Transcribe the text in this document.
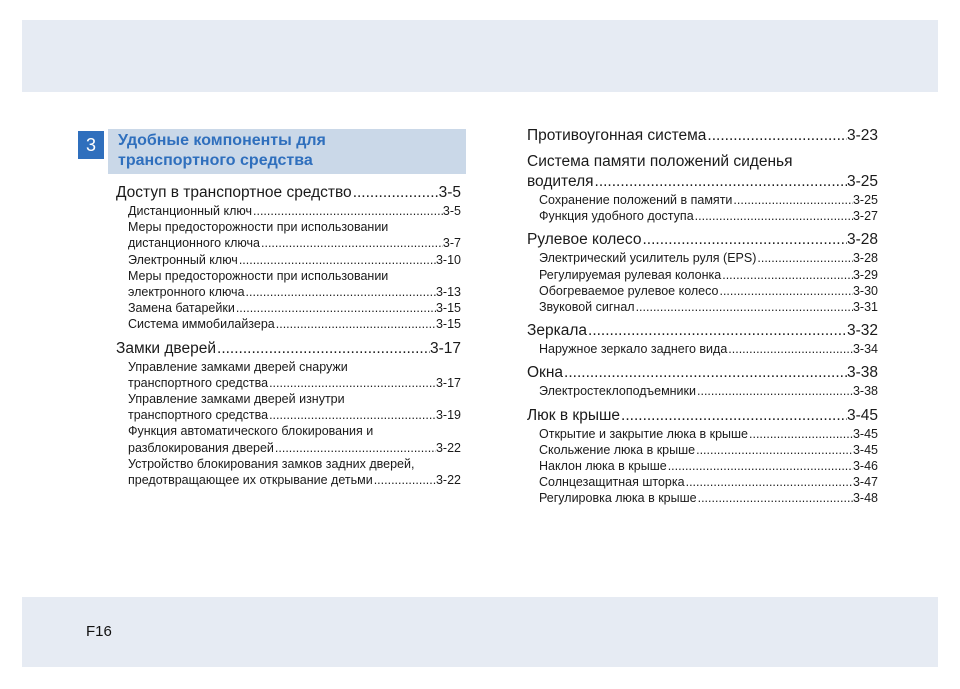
3	Удобные компоненты для
транспортного средства
Доступ в транспортное средство .....	3-5
Дистанционный ключ .....	3-5
Меры предосторожности при использовании
дистанционного ключа .....	3-7
Электронный ключ .....	3-10
Меры предосторожности при использовании
электронного ключа .....	3-13
Замена батарейки .....	3-15
Система иммобилайзера .....	3-15
Замки дверей .....	3-17
Управление замками дверей снаружи
транспортного средства .....	3-17
Управление замками дверей изнутри
транспортного средства .....	3-19
Функция автоматического блокирования и
разблокирования дверей .....	3-22
Устройство блокирования замков задних дверей,
предотвращающее их открывание детьми .....	3-22
Противоугонная система .....	3-23
Система памяти положений сиденья
водителя .....	3-25
Сохранение положений в памяти .....	3-25
Функция удобного доступа .....	3-27
Рулевое колесо .....	3-28
Электрический усилитель руля (EPS) .....	3-28
Регулируемая рулевая колонка .....	3-29
Обогреваемое рулевое колесо .....	3-30
Звуковой сигнал .....	3-31
Зеркала .....	3-32
Наружное зеркало заднего вида .....	3-34
Окна .....	3-38
Электростеклоподъемники .....	3-38
Люк в крыше .....	3-45
Открытие и закрытие люка в крыше .....	3-45
Скольжение люка в крыше .....	3-45
Наклон люка в крыше .....	3-46
Солнцезащитная шторка .....	3-47
Регулировка люка в крыше .....	3-48
F16
